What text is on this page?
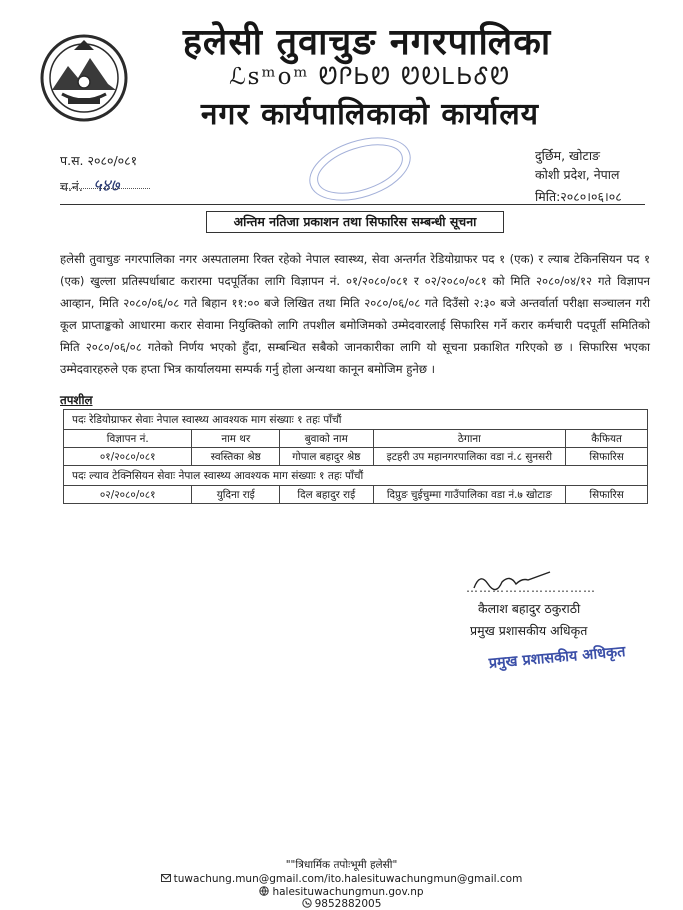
हलेसी तुवाचुङ नगरपालिका
ℒꜱᵐᴏᵐ ᏬᎵᏏᏬ ᏬᎧᏞᏏᎴᏬ
नगर कार्यपालिकाको कार्यालय
प.स. २०८०/०८१
च.नं. ५४७
दुर्छिम, खोटाङ
कोशी प्रदेश, नेपाल
मिति:२०८०।०६।०८
अन्तिम नतिजा प्रकाशन तथा सिफारिस सम्बन्धी सूचना
हलेसी तुवाचुङ नगरपालिका नगर अस्पतालमा रिक्त रहेको नेपाल स्वास्थ्य, सेवा अन्तर्गत रेडियोग्राफर पद १ (एक) र ल्याब टेकिनसियन पद १ (एक) खुल्ला प्रतिस्पर्धाबाट करारमा पदपूर्तिका लागि विज्ञापन नं. ०१/२०८०/०८१ र ०२/२०८०/०८१ को मिति २०८०/०४/१२ गते विज्ञापन आव्हान, मिति २०८०/०६/०८ गते बिहान ११:०० बजे लिखित तथा मिति २०८०/०६/०८ गते दिउँसो २:३० बजे अन्तर्वार्ता परीक्षा सञ्चालन गरी कूल प्राप्ताङ्कको आधारमा करार सेवामा नियुक्तिको लागि तपशील बमोजिमको उम्मेदवारलाई सिफारिस गर्ने करार कर्मचारी पदपूर्ती समितिको मिति २०८०/०६/०८ गतेको निर्णय भएको हुँदा, सम्बन्धित सबैको जानकारीका लागि यो सूचना प्रकाशित गरिएको छ । सिफारिस भएका उम्मेदवारहरुले एक हप्ता भित्र कार्यालयमा सम्पर्क गर्नु होला अन्यथा कानून बमोजिम हुनेछ ।
तपशील
पदः रेडियोग्राफर सेवाः नेपाल स्वास्थ्य आवश्यक माग संख्याः १ तहः पाँचौं				
विज्ञापन नं.	नाम थर	बुवाको नाम	ठेगाना	कैफियत
०१/२०८०/०८१	स्वस्तिका श्रेष्ठ	गोपाल बहादुर श्रेष्ठ	इटहरी उप महानगरपालिका वडा नं.८ सुनसरी	सिफारिस
पदः ल्याव टेक्निसियन सेवाः नेपाल स्वास्थ्य आवश्यक माग संख्याः १ तहः पाँचौं				
०२/२०८०/०८१	युदिना राई	दिल बहादुर राई	दिप्रुङ चुईचुम्मा गाउँपालिका वडा नं.७ खोटाङ	सिफारिस
…………………………
कैलाश बहादुर ठकुराठी
प्रमुख प्रशासकीय अधिकृत
प्रमुख प्रशासकीय अधिकृत
""त्रिधार्मिक तपोःभूमी हलेसी"
tuwachung.mun@gmail.com/ito.halesituwachungmun@gmail.com
halesituwachungmun.gov.np
9852882005
